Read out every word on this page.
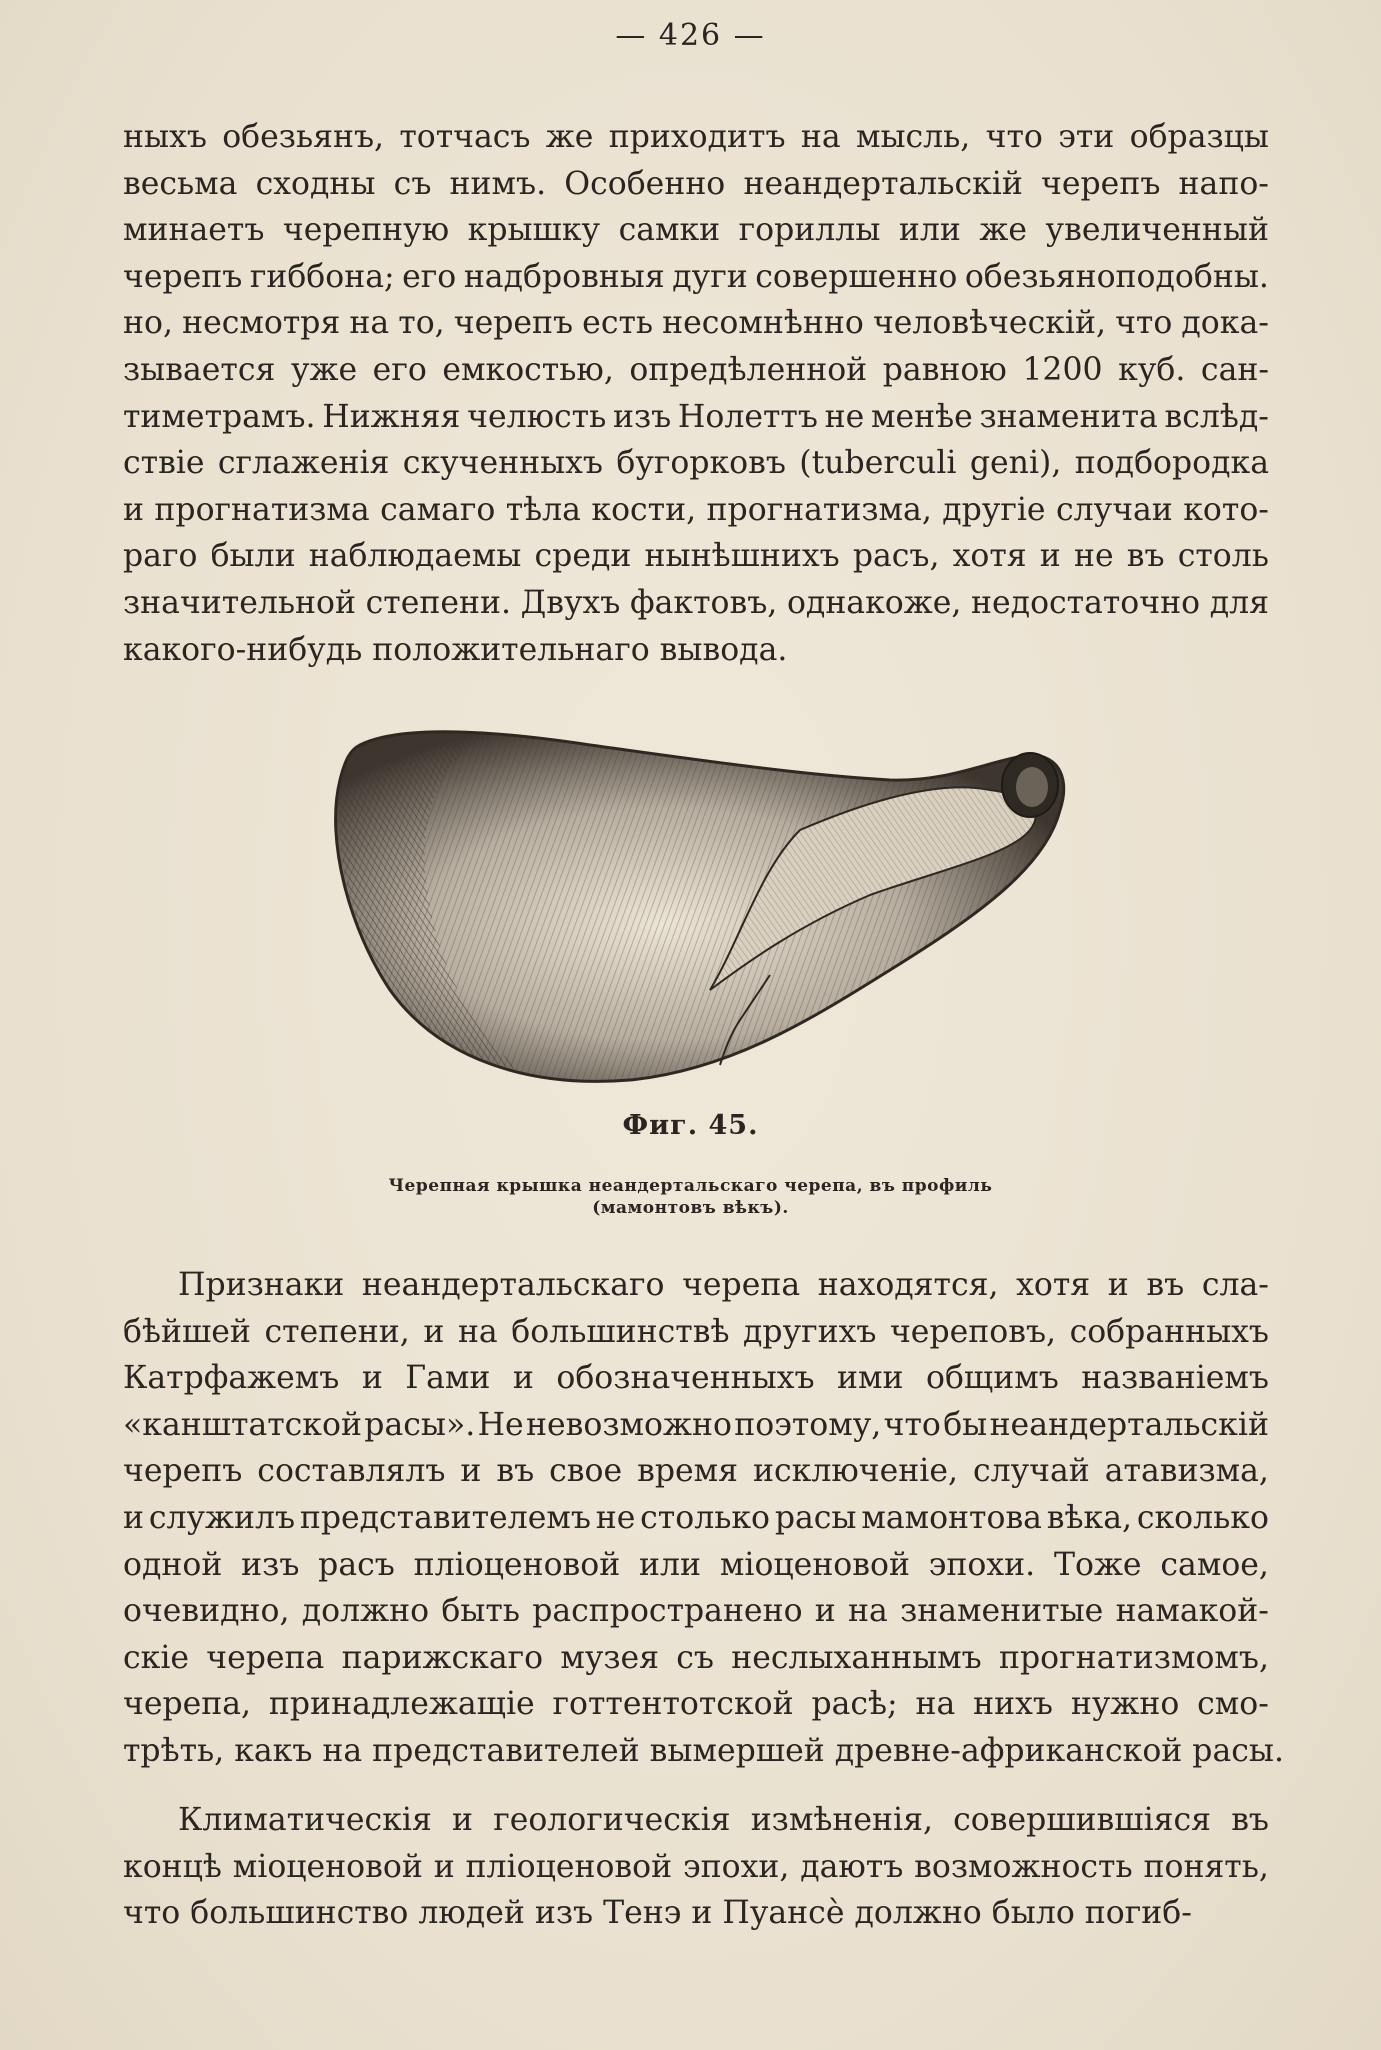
— 426 —
ныхъ обезьянъ, тотчасъ же приходитъ на мысль, что эти образцы
весьма сходны съ нимъ. Особенно неандертальскій черепъ напо-
минаетъ черепную крышку самки гориллы или же увеличенный
черепъ гиббона; его надбровныя дуги совершенно обезьяноподобны.
но, несмотря на то, черепъ есть несомнѣнно человѣческій, что дока-
зывается уже его емкостью, опредѣленной равною 1200 куб. сан-
тиметрамъ. Нижняя челюсть изъ Нолеттъ не менѣе знаменита вслѣд-
ствіе сглаженія скученныхъ бугорковъ (tuberculi geni), подбородка
и прогнатизма самаго тѣла кости, прогнатизма, другіе случаи кото-
раго были наблюдаемы среди нынѣшнихъ расъ, хотя и не въ столь
значительной степени. Двухъ фактовъ, однакоже, недостаточно для
какого-нибудь положительнаго вывода.
Фиг. 45.
Черепная крышка неандертальскаго черепа, въ профиль
(мамонтовъ вѣкъ).
Признаки неандертальскаго черепа находятся, хотя и въ сла-
бѣйшей степени, и на большинствѣ другихъ череповъ, собранныхъ
Катрфажемъ и Гами и обозначенныхъ ими общимъ названіемъ
«канштатской расы». Не невозможно поэтому, что бы неандертальскій
черепъ составлялъ и въ свое время исключеніе, случай атавизма,
и служилъ представителемъ не столько расы мамонтова вѣка, сколько
одной изъ расъ пліоценовой или міоценовой эпохи. Тоже самое,
очевидно, должно быть распространено и на знаменитые намакой-
скіе черепа парижскаго музея съ неслыханнымъ прогнатизмомъ,
черепа, принадлежащіе готтентотской расѣ; на нихъ нужно смо-
трѣть, какъ на представителей вымершей древне-африканской расы.
Климатическія и геологическія измѣненія, совершившіяся въ
концѣ міоценовой и пліоценовой эпохи, даютъ возможность понять,
что большинство людей изъ Тенэ и Пуансè должно было погиб-
